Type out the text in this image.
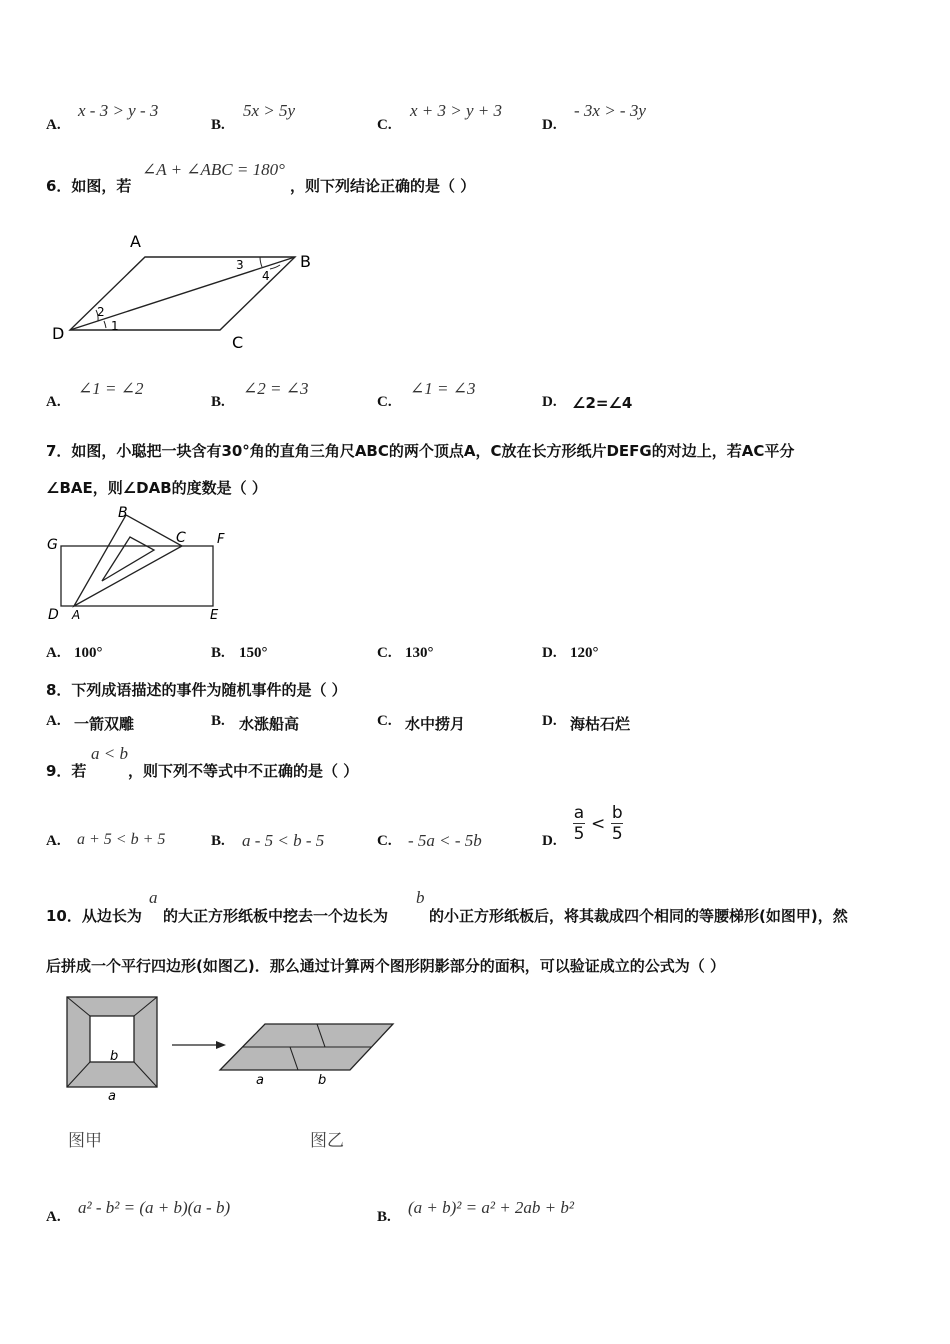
A.
x - 3 > y - 3
B.
5x > 5y
C.
x + 3 > y + 3
D.
- 3x > - 3y
6．如图，若
∠A + ∠ABC = 180°
，则下列结论正确的是（ ）
A
B
C
D	1
2
3
4
A.
∠1 = ∠2
B.
∠2 = ∠3
C.
∠1 = ∠3
D. ∠2=∠4
7．如图，小聪把一块含有30°角的直角三角尺ABC的两个顶点A，C放在长方形纸片DEFG的对边上，若AC平分
∠BAE，则∠DAB的度数是（ ）
G	F
D	E
A
B
C
A. 100°	B. 150°	C. 130°	D. 120°
8．下列成语描述的事件为随机事件的是（ ）
A. 一箭双雕	B. 水涨船高	C. 水中捞月	D. 海枯石烂
9．若
a < b
，则下列不等式中不正确的是（ ）
A. a + 5 < b + 5	B. a - 5 < b - 5	C. - 5a < - 5b	D. $\frac{a}{5} < \frac{b}{5}$
10．从边长为
a
的大正方形纸板中挖去一个边长为
b
的小正方形纸板后，将其裁成四个相同的等腰梯形(如图甲)，然
后拼成一个平行四边形(如图乙)．那么通过计算两个图形阴影部分的面积，可以验证成立的公式为（ ）
b
a
a	b
图甲	图乙
A. a² - b² = (a + b)(a - b)	B. (a + b)² = a² + 2ab + b²
